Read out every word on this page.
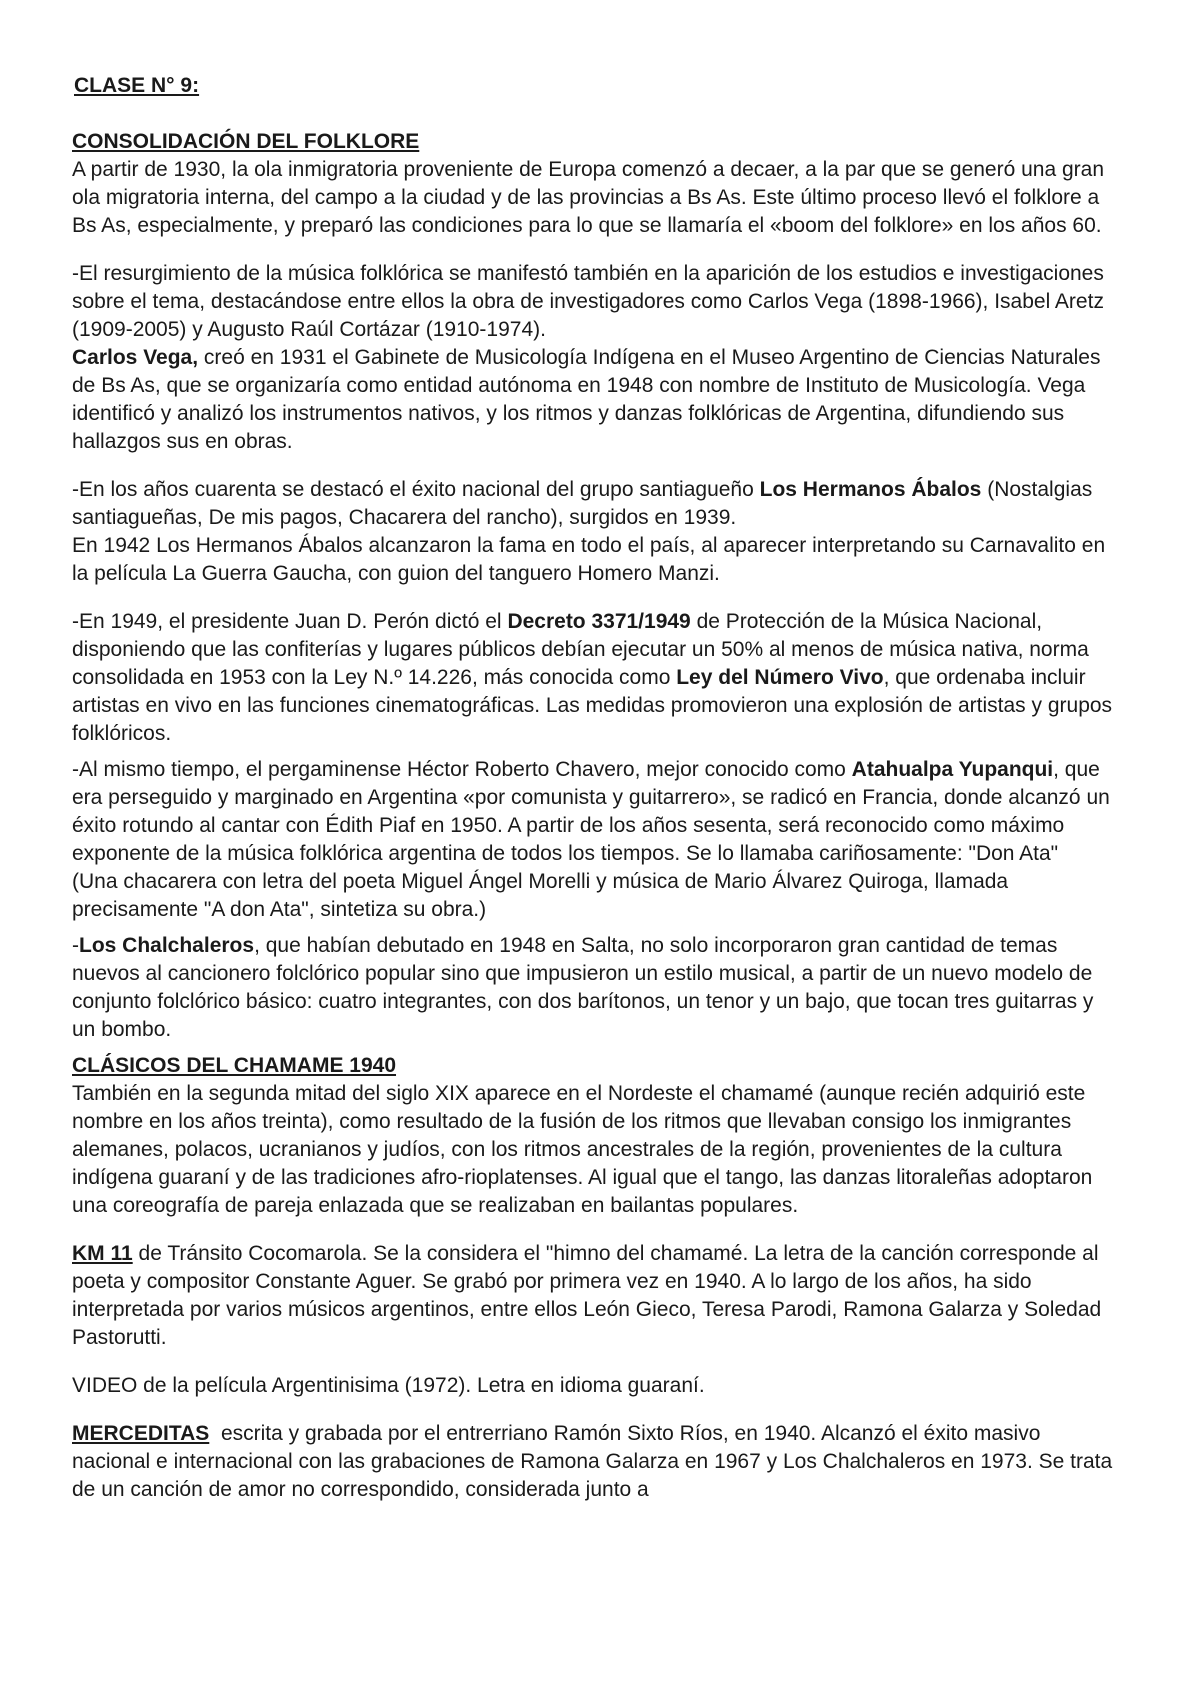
CLASE N° 9:

CONSOLIDACIÓN DEL FOLKLORE

A partir de 1930, la ola inmigratoria proveniente de Europa comenzó a decaer, a la par que se generó una gran ola migratoria interna, del campo a la ciudad y de las provincias a Bs As. Este último proceso llevó el folklore a Bs As, especialmente, y preparó las condiciones para lo que se llamaría el «boom del folklore» en los años 60.

-El resurgimiento de la música folklórica se manifestó también en la aparición de los estudios e investigaciones sobre el tema, destacándose entre ellos la obra de investigadores como Carlos Vega (1898-1966), Isabel Aretz (1909-2005) y Augusto Raúl Cortázar (1910-1974).

Carlos Vega, creó en 1931 el Gabinete de Musicología Indígena en el Museo Argentino de Ciencias Naturales de Bs As, que se organizaría como entidad autónoma en 1948 con nombre de Instituto de Musicología. Vega identificó y analizó los instrumentos nativos, y los ritmos y danzas folklóricas de Argentina, difundiendo sus hallazgos sus en obras.

-En los años cuarenta se destacó el éxito nacional del grupo santiagueño Los Hermanos Ábalos (Nostalgias santiagueñas, De mis pagos, Chacarera del rancho), surgidos en 1939.

En 1942 Los Hermanos Ábalos alcanzaron la fama en todo el país, al aparecer interpretando su Carnavalito en la película La Guerra Gaucha, con guion del tanguero Homero Manzi.

-En 1949, el presidente Juan D. Perón dictó el Decreto 3371/1949 de Protección de la Música Nacional, disponiendo que las confiterías y lugares públicos debían ejecutar un 50% al menos de música nativa, norma consolidada en 1953 con la Ley N.º 14.226, más conocida como Ley del Número Vivo, que ordenaba incluir artistas en vivo en las funciones cinematográficas. Las medidas promovieron una explosión de artistas y grupos folklóricos.

-Al mismo tiempo, el pergaminense Héctor Roberto Chavero, mejor conocido como Atahualpa Yupanqui, que era perseguido y marginado en Argentina «por comunista y guitarrero», se radicó en Francia, donde alcanzó un éxito rotundo al cantar con Édith Piaf en 1950. A partir de los años sesenta, será reconocido como máximo exponente de la música folklórica argentina de todos los tiempos. Se lo llamaba cariñosamente: "Don Ata"

(Una chacarera con letra del poeta Miguel Ángel Morelli y música de Mario Álvarez Quiroga, llamada precisamente "A don Ata", sintetiza su obra.)

-Los Chalchaleros, que habían debutado en 1948 en Salta, no solo incorporaron gran cantidad de temas nuevos al cancionero folclórico popular sino que impusieron un estilo musical, a partir de un nuevo modelo de conjunto folclórico básico: cuatro integrantes, con dos barítonos, un tenor y un bajo, que tocan tres guitarras y un bombo.

CLÁSICOS DEL CHAMAME 1940

También en la segunda mitad del siglo XIX aparece en el Nordeste el chamamé (aunque recién adquirió este nombre en los años treinta), como resultado de la fusión de los ritmos que llevaban consigo los inmigrantes alemanes, polacos, ucranianos y judíos, con los ritmos ancestrales de la región, provenientes de la cultura indígena guaraní y de las tradiciones afro-rioplatenses. Al igual que el tango, las danzas litoraleñas adoptaron una coreografía de pareja enlazada que se realizaban en bailantas populares.

KM 11 de Tránsito Cocomarola. Se la considera el "himno del chamamé. La letra de la canción corresponde al poeta y compositor Constante Aguer. Se grabó por primera vez en 1940. A lo largo de los años, ha sido interpretada por varios músicos argentinos, entre ellos León Gieco, Teresa Parodi, Ramona Galarza y Soledad Pastorutti.

VIDEO de la película Argentinisima (1972). Letra en idioma guaraní.

MERCEDITAS  escrita y grabada por el entrerriano Ramón Sixto Ríos, en 1940. Alcanzó el éxito masivo nacional e internacional con las grabaciones de Ramona Galarza en 1967 y Los Chalchaleros en 1973. Se trata de un canción de amor no correspondido, considerada junto a
